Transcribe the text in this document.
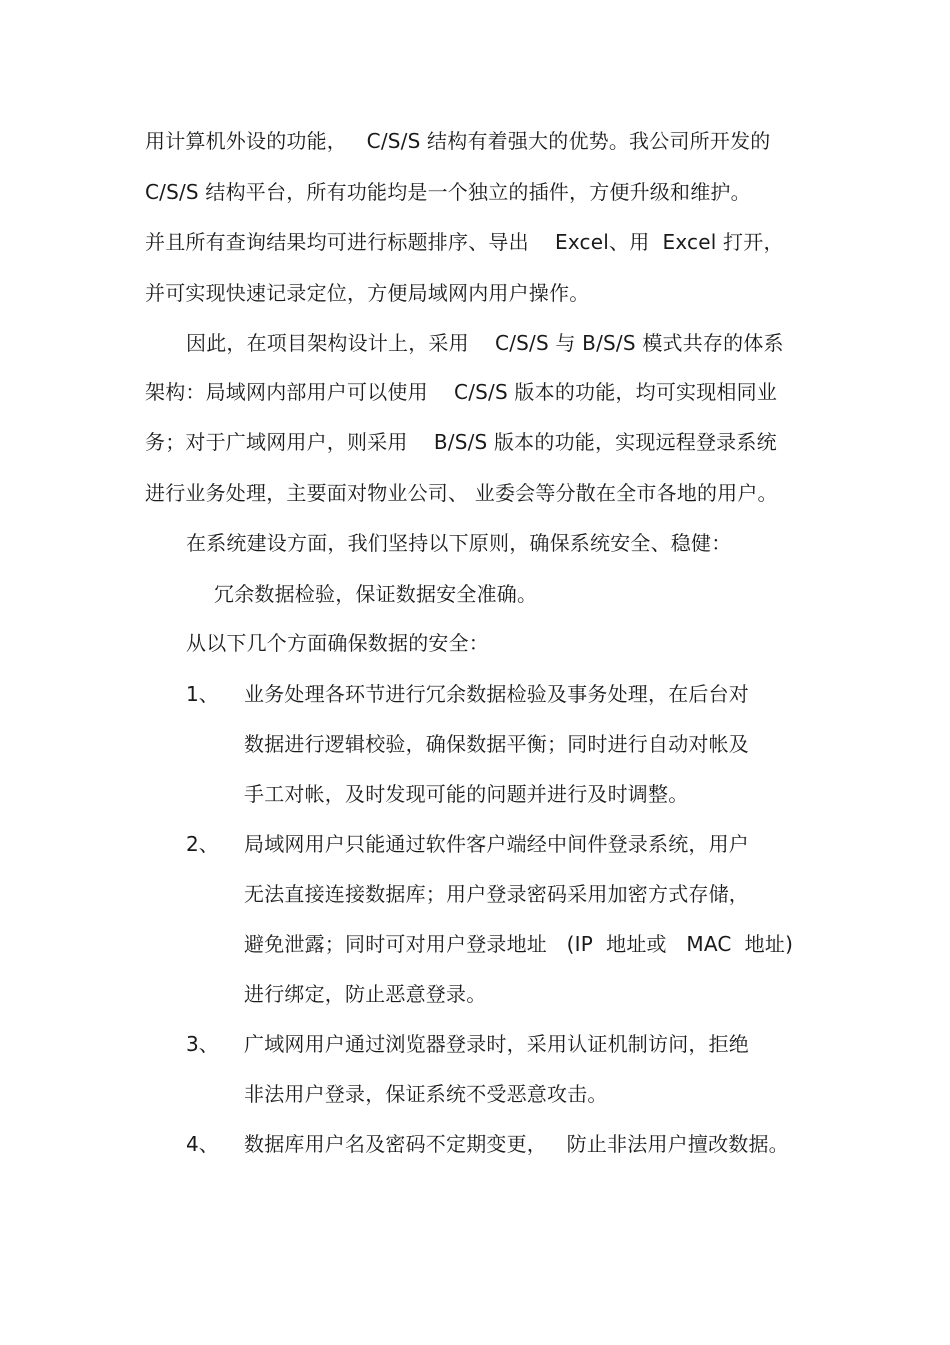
用计算机外设的功能，   C/S/S 结构有着强大的优势。我公司所开发的
C/S/S 结构平台，所有功能均是一个独立的插件，方便升级和维护。
并且所有查询结果均可进行标题排序、导出    Excel、用  Excel 打开，
并可实现快速记录定位，方便局域网内用户操作。
因此，在项目架构设计上，采用    C/S/S 与 B/S/S 模式共存的体系
架构：局域网内部用户可以使用    C/S/S 版本的功能，均可实现相同业
务；对于广域网用户，则采用    B/S/S 版本的功能，实现远程登录系统
进行业务处理，主要面对物业公司、 业委会等分散在全市各地的用户。
在系统建设方面，我们坚持以下原则，确保系统安全、稳健：
冗余数据检验，保证数据安全准确。
从以下几个方面确保数据的安全：
1、 业务处理各环节进行冗余数据检验及事务处理，在后台对
数据进行逻辑校验，确保数据平衡；同时进行自动对帐及
手工对帐，及时发现可能的问题并进行及时调整。
2、 局域网用户只能通过软件客户端经中间件登录系统，用户
无法直接连接数据库；用户登录密码采用加密方式存储，
避免泄露；同时可对用户登录地址   (IP  地址或   MAC  地址)
进行绑定，防止恶意登录。
3、 广域网用户通过浏览器登录时，采用认证机制访问，拒绝
非法用户登录，保证系统不受恶意攻击。
4、 数据库用户名及密码不定期变更，   防止非法用户擅改数据。
